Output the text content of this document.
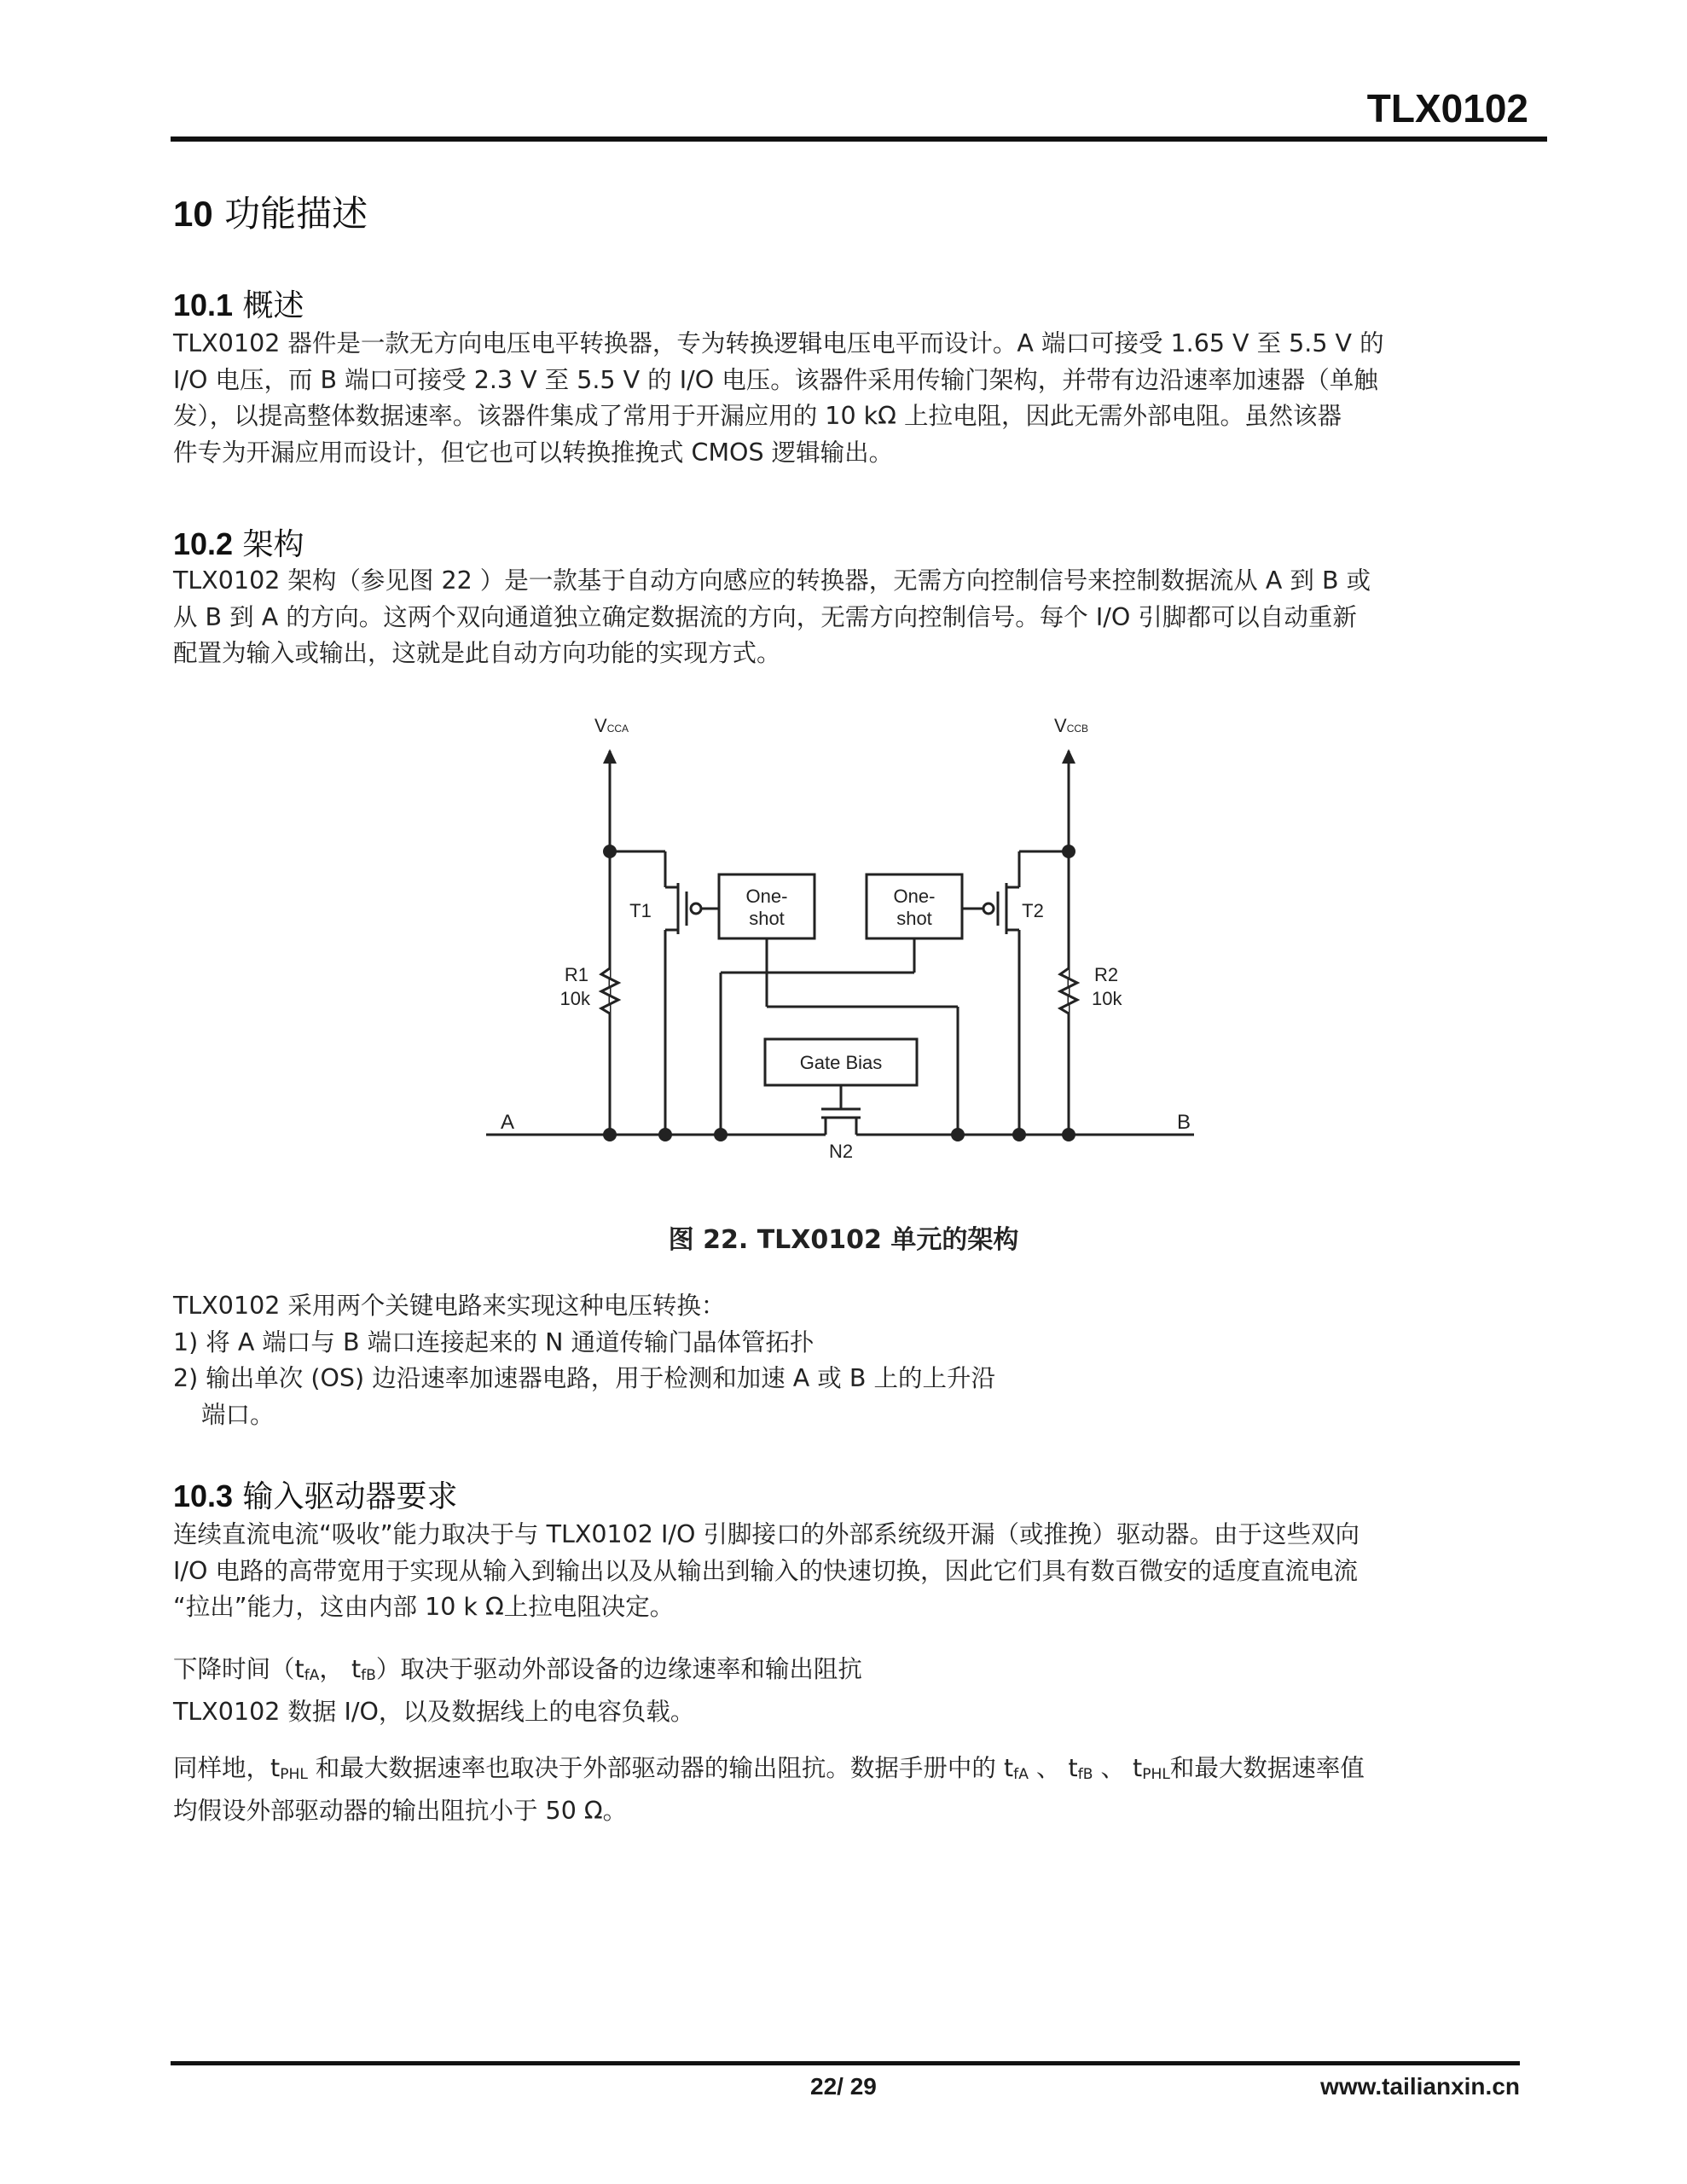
TLX0102
10 功能描述
10.1 概述
TLX0102 器件是一款无方向电压电平转换器，专为转换逻辑电压电平而设计。A 端口可接受 1.65 V 至 5.5 V 的
I/O 电压，而 B 端口可接受 2.3 V 至 5.5 V 的 I/O 电压。该器件采用传输门架构，并带有边沿速率加速器（单触
发），以提高整体数据速率。该器件集成了常用于开漏应用的 10 kΩ 上拉电阻，因此无需外部电阻。虽然该器
件专为开漏应用而设计，但它也可以转换推挽式 CMOS 逻辑输出。
10.2 架构
TLX0102 架构（参见图 22 ）是一款基于自动方向感应的转换器，无需方向控制信号来控制数据流从 A 到 B 或
从 B 到 A 的方向。这两个双向通道独立确定数据流的方向，无需方向控制信号。每个 I/O 引脚都可以自动重新
配置为输入或输出，这就是此自动方向功能的实现方式。
VCCA	VCCB
T1	T2
One-
shot
One-
shot
R1
10k
R2
10k
Gate Bias
N2
A	B
图 22. TLX0102 单元的架构
TLX0102 采用两个关键电路来实现这种电压转换：
1) 将 A 端口与 B 端口连接起来的 N 通道传输门晶体管拓扑
2) 输出单次 (OS) 边沿速率加速器电路，用于检测和加速 A 或 B 上的上升沿
端口。
10.3 输入驱动器要求
连续直流电流“吸收”能力取决于与 TLX0102 I/O 引脚接口的外部系统级开漏（或推挽）驱动器。由于这些双向
I/O 电路的高带宽用于实现从输入到输出以及从输出到输入的快速切换，因此它们具有数百微安的适度直流电流
“拉出”能力，这由内部 10 k Ω上拉电阻决定。
下降时间（$t_{fA}$， $t_{fB}$）取决于驱动外部设备的边缘速率和输出阻抗
TLX0102 数据 I/O，以及数据线上的电容负载。
同样地，$t_{PHL}$ 和最大数据速率也取决于外部驱动器的输出阻抗。数据手册中的 $t_{fA}$ 、 $t_{fB}$ 、 $t_{PHL}$和最大数据速率值
均假设外部驱动器的输出阻抗小于 50 Ω。
22/ 29	www.tailianxin.cn
